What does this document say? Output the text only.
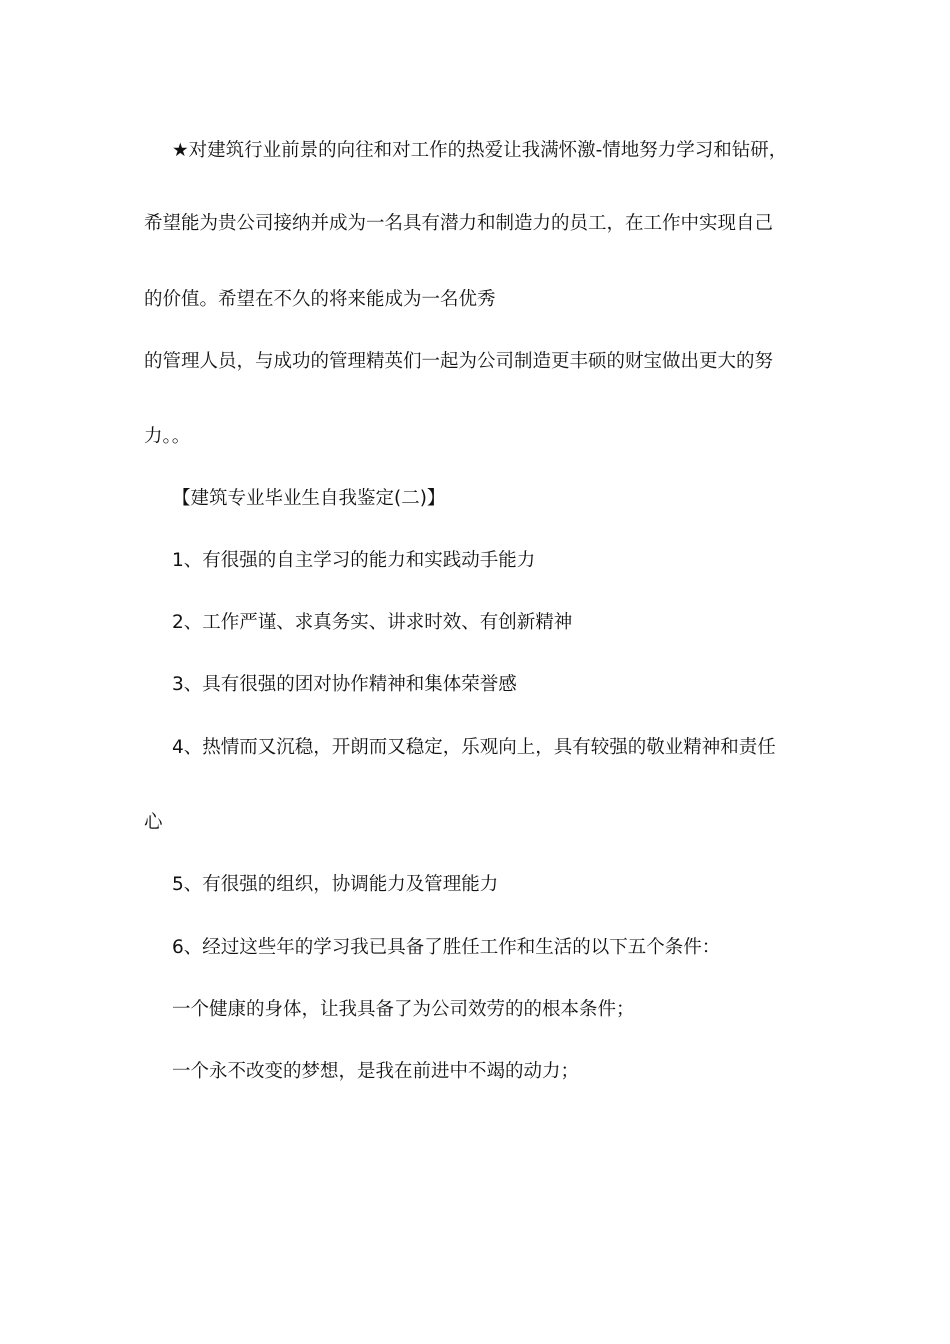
★对建筑行业前景的向往和对工作的热爱让我满怀激-情地努力学习和钻研，
希望能为贵公司接纳并成为一名具有潜力和制造力的员工，在工作中实现自己
的价值。希望在不久的将来能成为一名优秀
的管理人员，与成功的管理精英们一起为公司制造更丰硕的财宝做出更大的努
力。。
【建筑专业毕业生自我鉴定(二)】
1、有很强的自主学习的能力和实践动手能力
2、工作严谨、求真务实、讲求时效、有创新精神
3、具有很强的团对协作精神和集体荣誉感
4、热情而又沉稳，开朗而又稳定，乐观向上，具有较强的敬业精神和责任
心
5、有很强的组织，协调能力及管理能力
6、经过这些年的学习我已具备了胜任工作和生活的以下五个条件：
一个健康的身体，让我具备了为公司效劳的的根本条件；
一个永不改变的梦想，是我在前进中不竭的动力；
